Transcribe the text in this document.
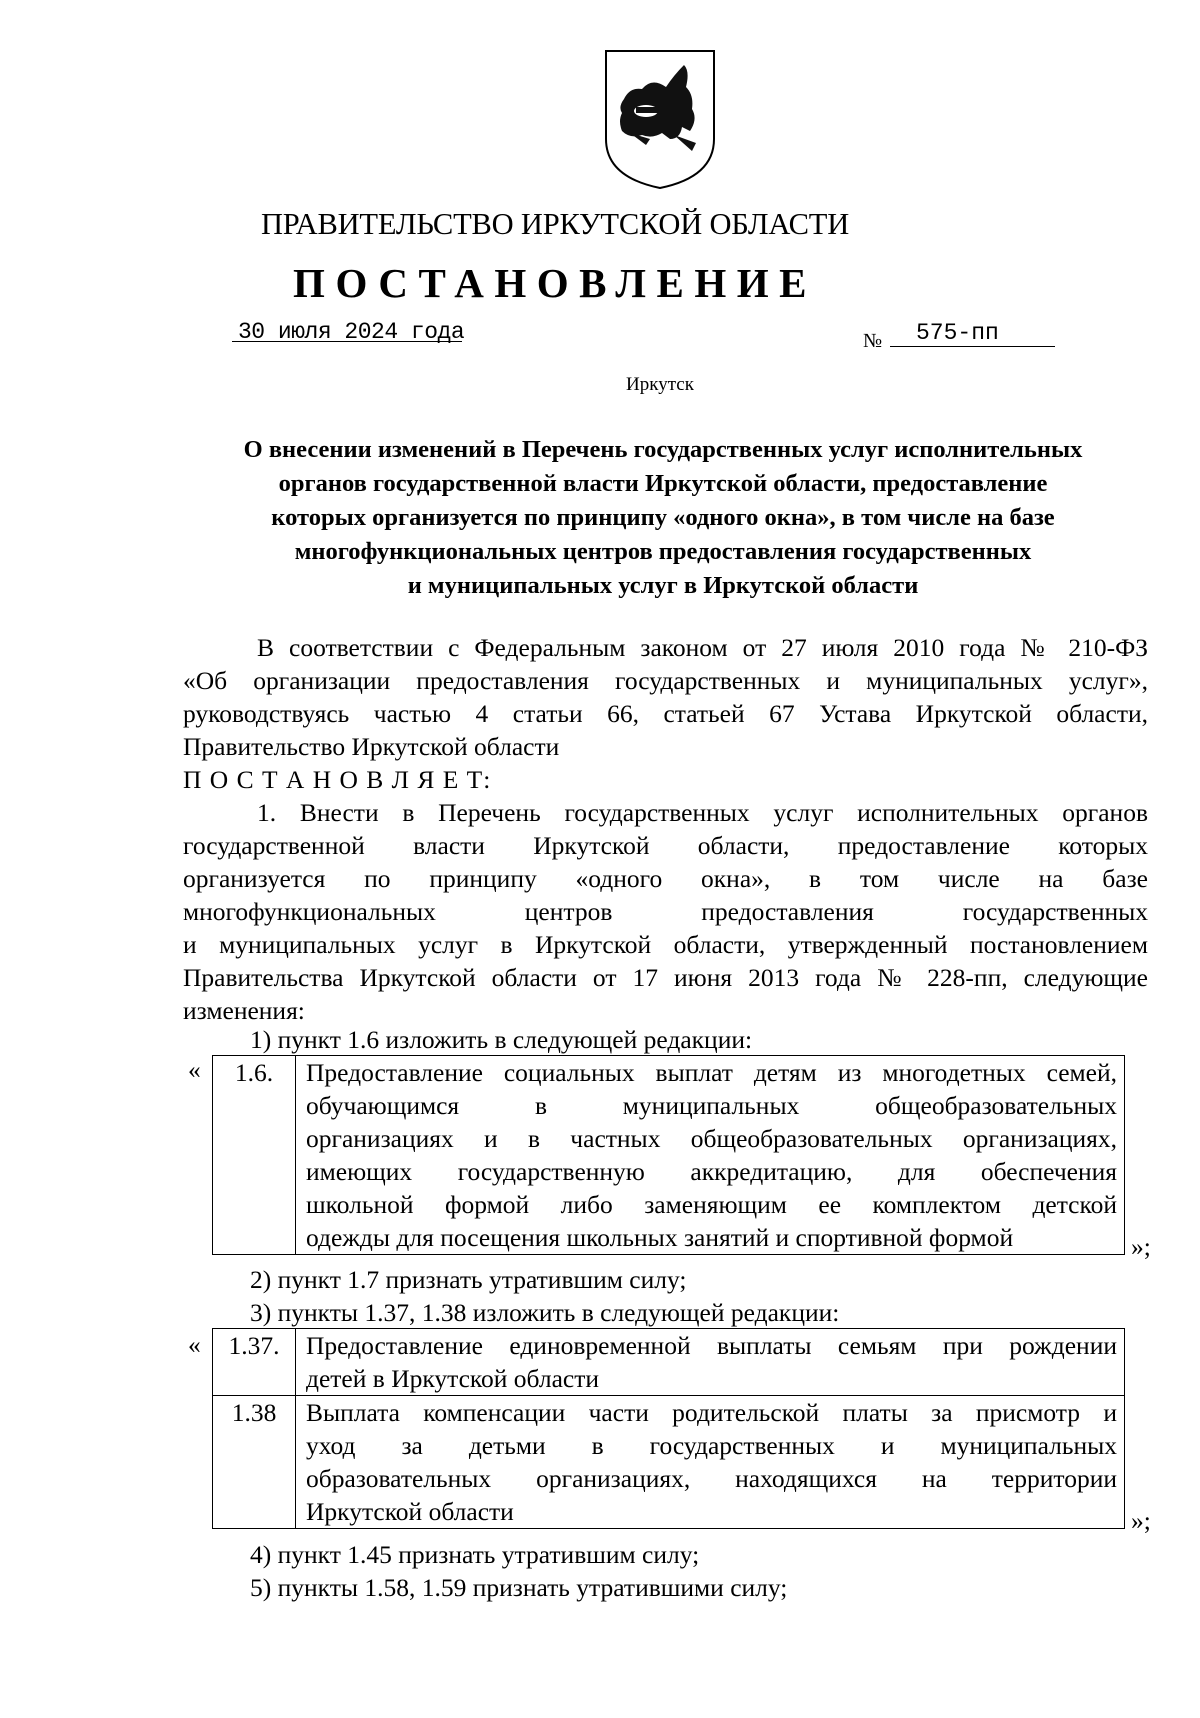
ПРАВИТЕЛЬСТВО ИРКУТСКОЙ ОБЛАСТИ
ПОСТАНОВЛЕНИЕ
30 июля 2024 года	№	575-пп
Иркутск
О внесении изменений в Перечень государственных услуг исполнительных
органов государственной власти Иркутской области, предоставление
которых организуется по принципу «одного окна», в том числе на базе
многофункциональных центров предоставления государственных
и муниципальных услуг в Иркутской области
В соответствии с Федеральным законом от 27 июля 2010 года № 210-ФЗ
«Об организации предоставления государственных и муниципальных услуг»,
руководствуясь частью 4 статьи 66, статьей 67 Устава Иркутской области,
Правительство Иркутской области
П О С Т А Н О В Л Я Е Т:
1. Внести в Перечень государственных услуг исполнительных органов
государственной власти Иркутской области, предоставление которых
организуется по принципу «одного окна», в том числе на базе
многофункциональных центров предоставления государственных
и муниципальных услуг в Иркутской области, утвержденный постановлением
Правительства Иркутской области от 17 июня 2013 года № 228-пп, следующие
изменения:
1) пункт 1.6 изложить в следующей редакции:
« 1.6.	Предоставление социальных выплат детям из многодетных семей,
обучающимся в муниципальных общеобразовательных
организациях и в частных общеобразовательных организациях,
имеющих государственную аккредитацию, для обеспечения
школьной формой либо заменяющим ее комплектом детской
одежды для посещения школьных занятий и спортивной формой	»;
2) пункт 1.7 признать утратившим силу;
3) пункты 1.37, 1.38 изложить в следующей редакции:
« 1.37.	Предоставление единовременной выплаты семьям при рождении
детей в Иркутской области

1.38	Выплата компенсации части родительской платы за присмотр и
уход за детьми в государственных и муниципальных
образовательных организациях, находящихся на территории
Иркутской области	»;
4) пункт 1.45 признать утратившим силу;
5) пункты 1.58, 1.59 признать утратившими силу;
